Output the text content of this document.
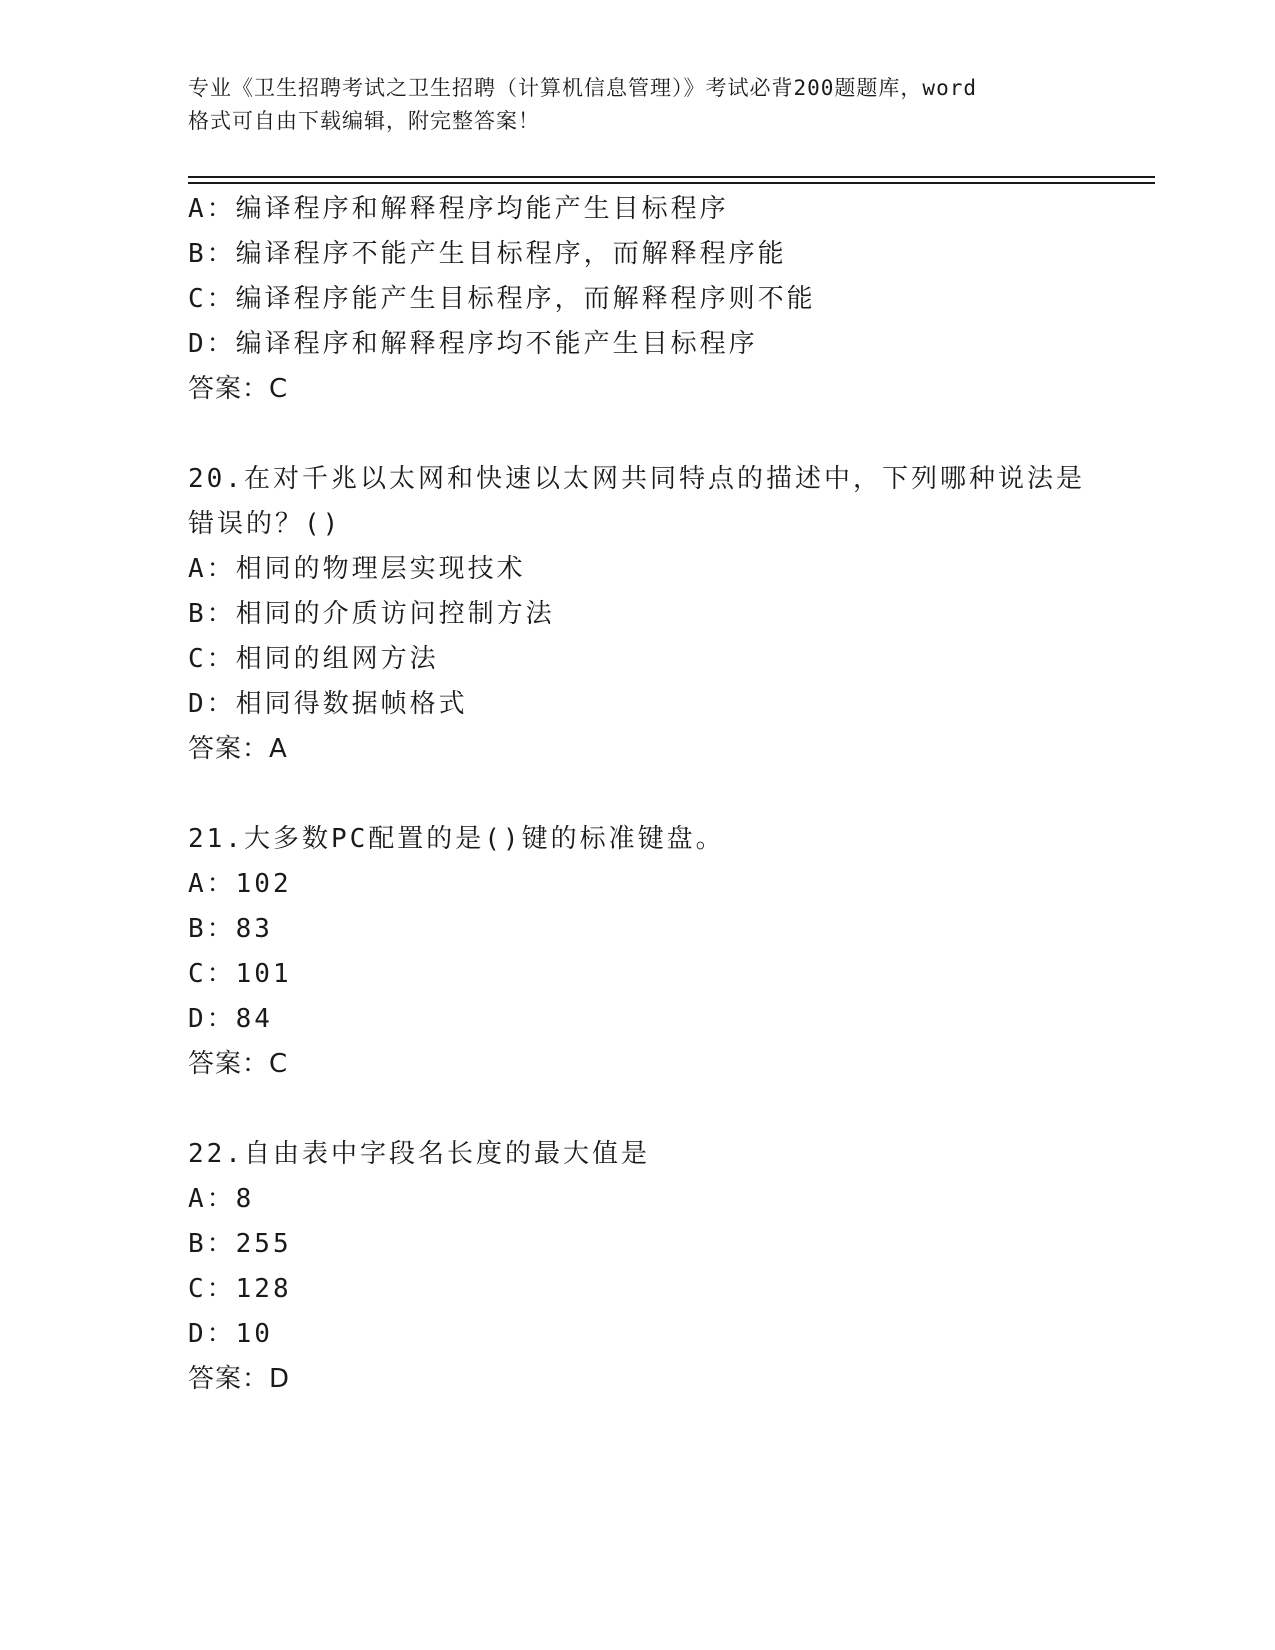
专业《卫生招聘考试之卫生招聘（计算机信息管理）》考试必背200题题库，word
格式可自由下载编辑，附完整答案！
A：编译程序和解释程序均能产生目标程序
B：编译程序不能产生目标程序，而解释程序能
C：编译程序能产生目标程序，而解释程序则不能
D：编译程序和解释程序均不能产生目标程序
答案：C
20.在对千兆以太网和快速以太网共同特点的描述中，下列哪种说法是
错误的？()
A：相同的物理层实现技术
B：相同的介质访问控制方法
C：相同的组网方法
D：相同得数据帧格式
答案：A
21.大多数PC配置的是()键的标准键盘。
A：102
B：83
C：101
D：84
答案：C
22.自由表中字段名长度的最大值是
A：8
B：255
C：128
D：10
答案：D
